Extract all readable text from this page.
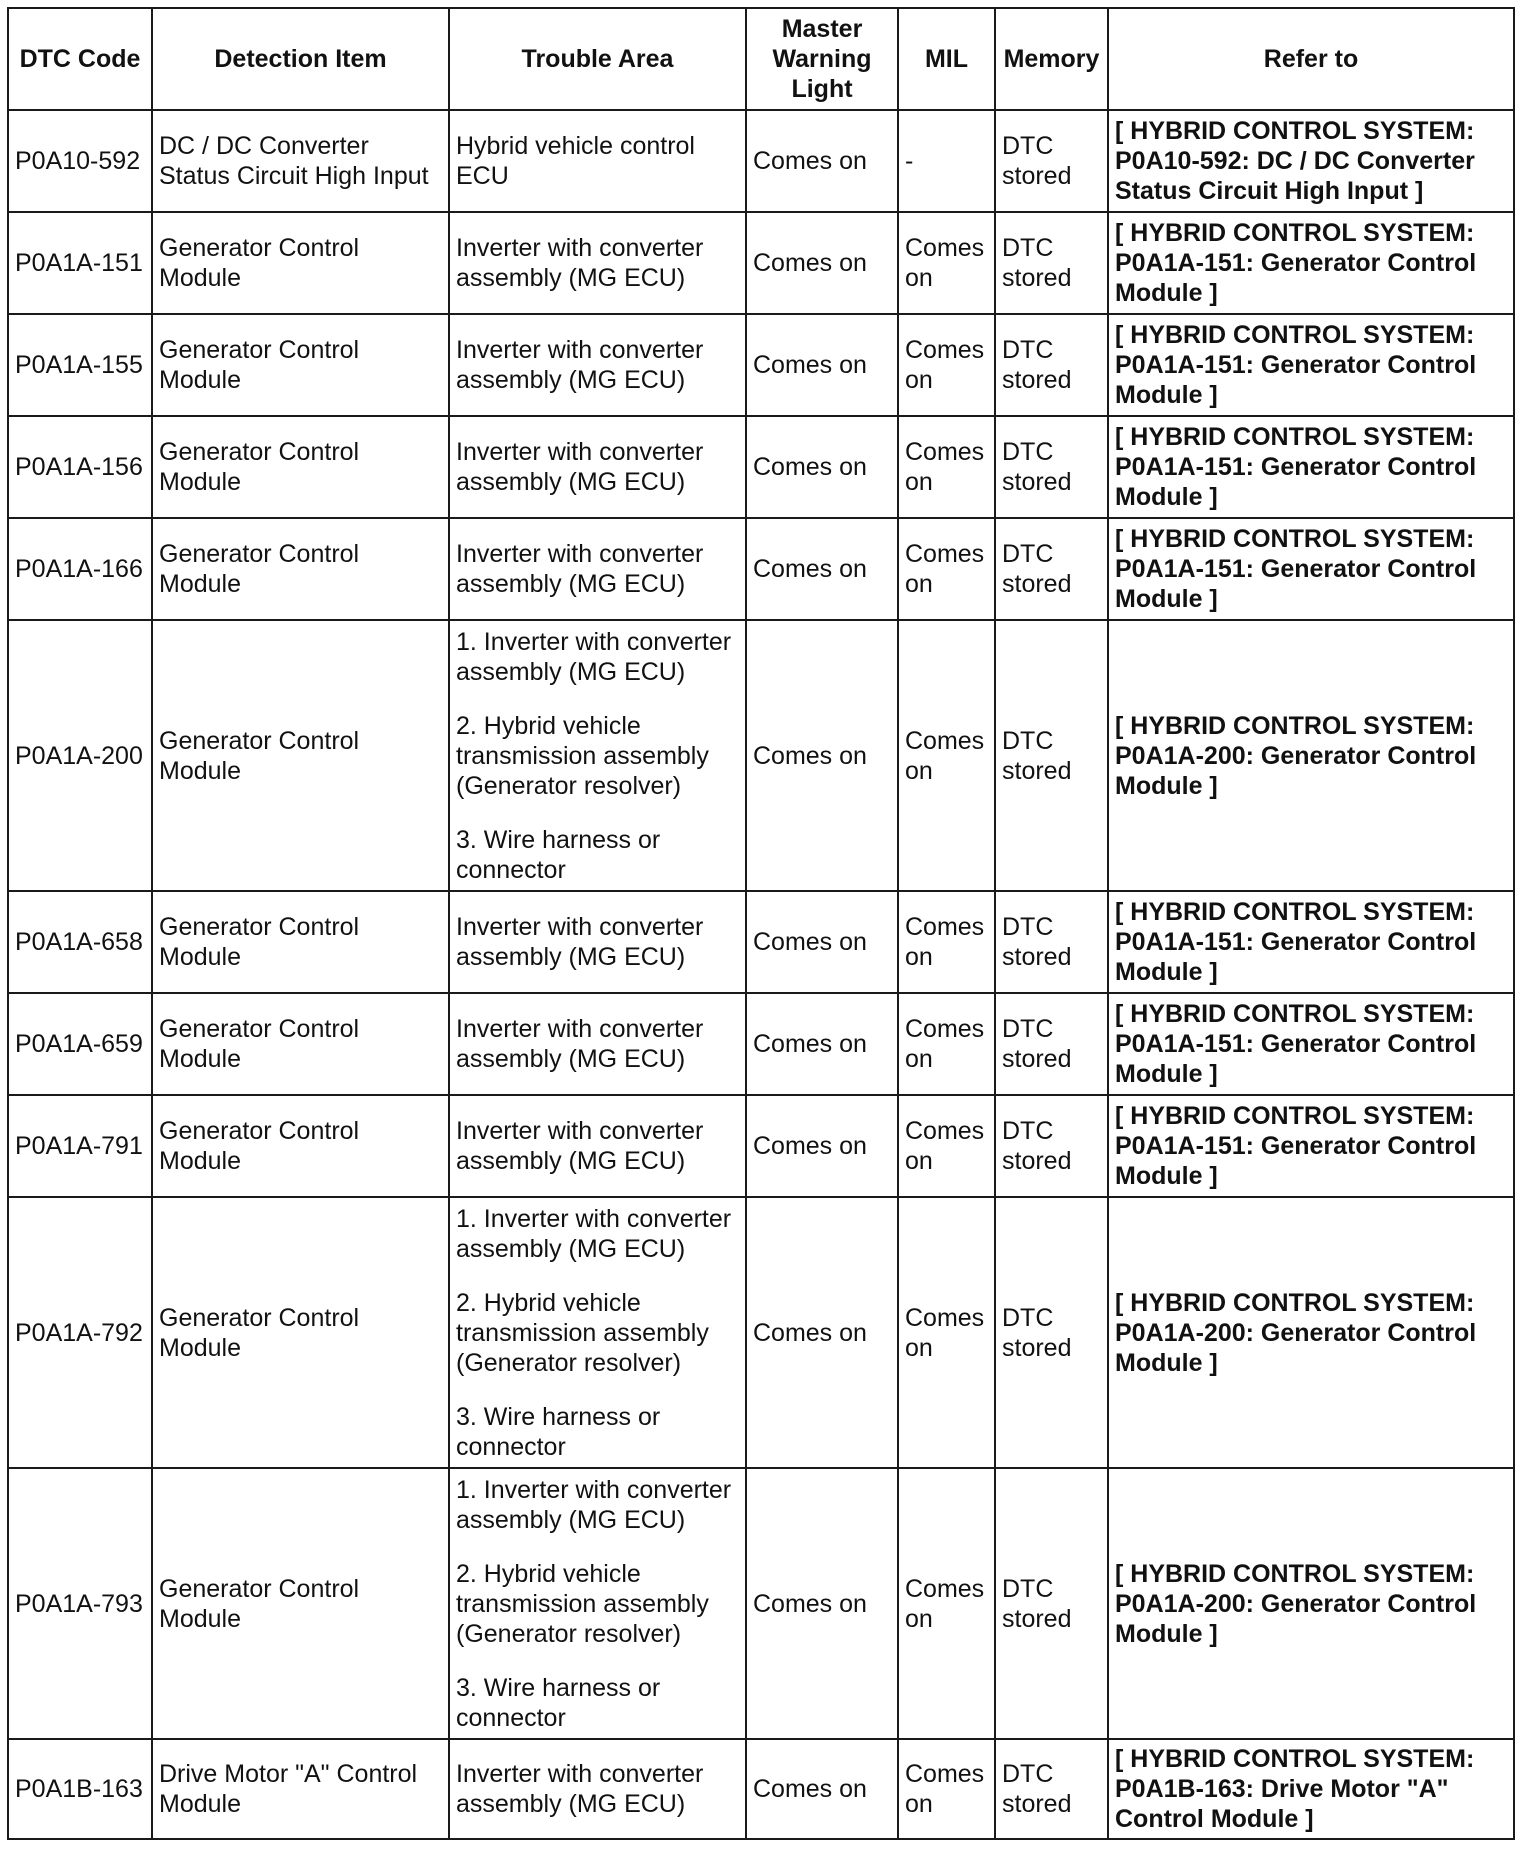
DTC Code	Detection Item	Trouble Area	Master Warning Light	MIL	Memory	Refer to
P0A10-592	DC / DC Converter Status Circuit High Input	Hybrid vehicle control ECU	Comes on	-	DTC stored	[ HYBRID CONTROL SYSTEM: P0A10-592: DC / DC Converter Status Circuit High Input ]
P0A1A-151	Generator Control Module	Inverter with converter assembly (MG ECU)	Comes on	Comes on	DTC stored	[ HYBRID CONTROL SYSTEM: P0A1A-151: Generator Control Module ]
P0A1A-155	Generator Control Module	Inverter with converter assembly (MG ECU)	Comes on	Comes on	DTC stored	[ HYBRID CONTROL SYSTEM: P0A1A-151: Generator Control Module ]
P0A1A-156	Generator Control Module	Inverter with converter assembly (MG ECU)	Comes on	Comes on	DTC stored	[ HYBRID CONTROL SYSTEM: P0A1A-151: Generator Control Module ]
P0A1A-166	Generator Control Module	Inverter with converter assembly (MG ECU)	Comes on	Comes on	DTC stored	[ HYBRID CONTROL SYSTEM: P0A1A-151: Generator Control Module ]
P0A1A-200	Generator Control Module	1. Inverter with converter assembly (MG ECU)
2. Hybrid vehicle transmission assembly (Generator resolver)
3. Wire harness or connector	Comes on	Comes on	DTC stored	[ HYBRID CONTROL SYSTEM: P0A1A-200: Generator Control Module ]
P0A1A-658	Generator Control Module	Inverter with converter assembly (MG ECU)	Comes on	Comes on	DTC stored	[ HYBRID CONTROL SYSTEM: P0A1A-151: Generator Control Module ]
P0A1A-659	Generator Control Module	Inverter with converter assembly (MG ECU)	Comes on	Comes on	DTC stored	[ HYBRID CONTROL SYSTEM: P0A1A-151: Generator Control Module ]
P0A1A-791	Generator Control Module	Inverter with converter assembly (MG ECU)	Comes on	Comes on	DTC stored	[ HYBRID CONTROL SYSTEM: P0A1A-151: Generator Control Module ]
P0A1A-792	Generator Control Module	1. Inverter with converter assembly (MG ECU)
2. Hybrid vehicle transmission assembly (Generator resolver)
3. Wire harness or connector	Comes on	Comes on	DTC stored	[ HYBRID CONTROL SYSTEM: P0A1A-200: Generator Control Module ]
P0A1A-793	Generator Control Module	1. Inverter with converter assembly (MG ECU)
2. Hybrid vehicle transmission assembly (Generator resolver)
3. Wire harness or connector	Comes on	Comes on	DTC stored	[ HYBRID CONTROL SYSTEM: P0A1A-200: Generator Control Module ]
P0A1B-163	Drive Motor "A" Control Module	Inverter with converter assembly (MG ECU)	Comes on	Comes on	DTC stored	[ HYBRID CONTROL SYSTEM: P0A1B-163: Drive Motor "A" Control Module ]
